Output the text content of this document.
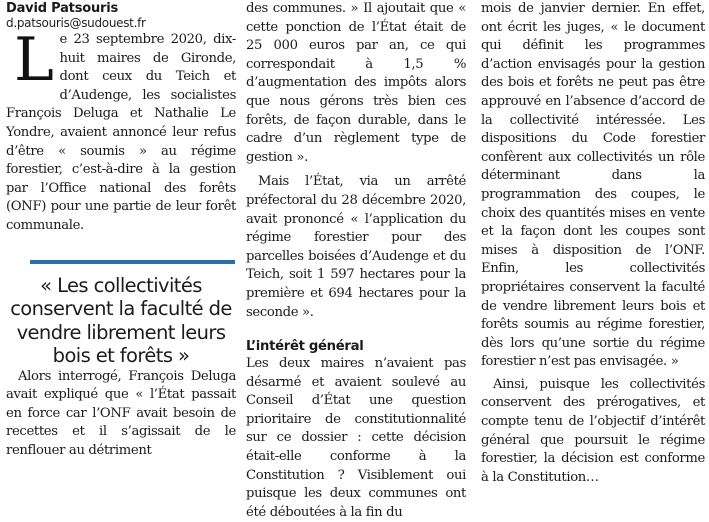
David Patsouris
d.patsouris@sudouest.fr

Le 23 septembre 2020, dix-huit maires de Gironde, dont ceux du Teich et d’Audenge, les socialistes François Deluga et Nathalie Le Yondre, avaient annoncé leur refus d’être « soumis » au régime forestier, c’est-à-dire à la gestion par l’Office national des forêts (ONF) pour une partie de leur forêt communale.

« Les collectivités conservent la faculté de vendre librement leurs bois et forêts »

Alors interrogé, François Deluga avait expliqué que « l’État passait en force car l’ONF avait besoin de recettes et il s’agissait de le renflouer au détriment

des communes. » Il ajoutait que « cette ponction de l’État était de 25 000 euros par an, ce qui correspondait à 1,5 % d’augmentation des impôts alors que nous gérons très bien ces forêts, de façon durable, dans le cadre d’un règlement type de gestion ».

Mais l’État, via un arrêté préfectoral du 28 décembre 2020, avait prononcé « l’application du régime forestier pour des parcelles boisées d’Audenge et du Teich, soit 1 597 hectares pour la première et 694 hectares pour la seconde ».

L’intérêt général

Les deux maires n’avaient pas désarmé et avaient soulevé au Conseil d’État une question prioritaire de constitutionnalité sur ce dossier : cette décision était-elle conforme à la Constitution ? Visiblement oui puisque les deux communes ont été déboutées à la fin du

mois de janvier dernier. En effet, ont écrit les juges, « le document qui définit les programmes d’action envisagés pour la gestion des bois et forêts ne peut pas être approuvé en l’absence d’accord de la collectivité intéressée. Les dispositions du Code forestier confèrent aux collectivités un rôle déterminant dans la programmation des coupes, le choix des quantités mises en vente et la façon dont les coupes sont mises à disposition de l’ONF. Enfin, les collectivités propriétaires conservent la faculté de vendre librement leurs bois et forêts soumis au régime forestier, dès lors qu’une sortie du régime forestier n’est pas envisagée. »

Ainsi, puisque les collectivités conservent des prérogatives, et compte tenu de l’objectif d’intérêt général que poursuit le régime forestier, la décision est conforme à la Constitution…
